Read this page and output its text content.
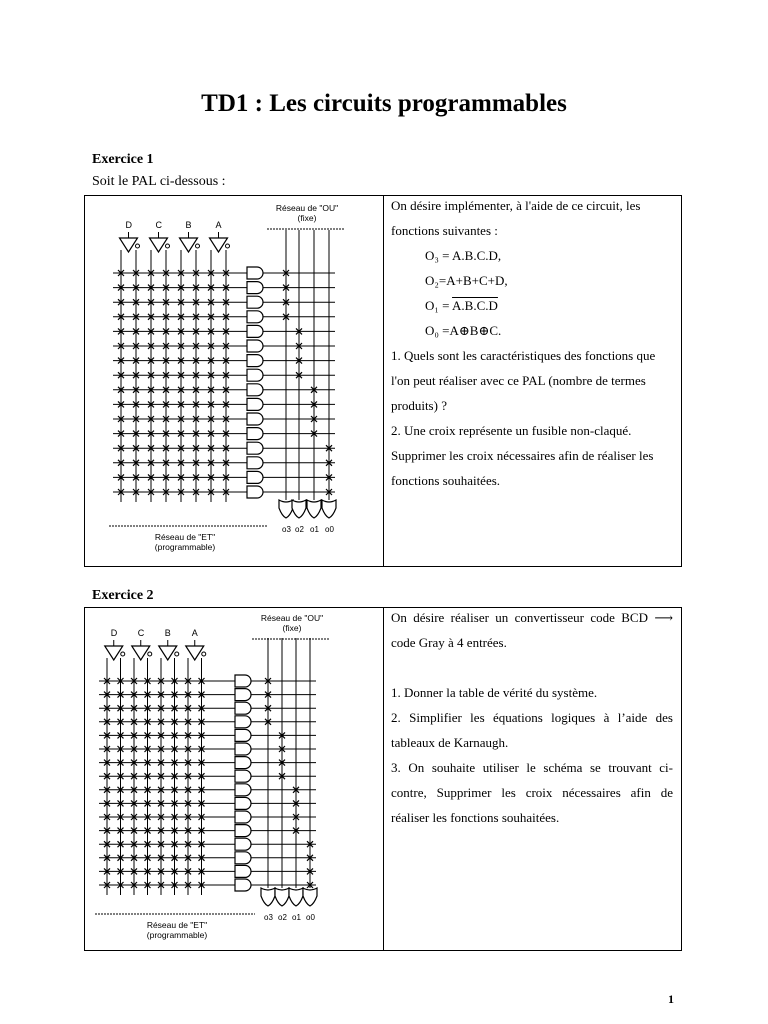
TD1 : Les circuits programmables
Exercice 1
Soit le PAL ci-dessous :
D	C	B	A
o3 o2 o1 o0
Réseau de "OU"
(fixe)
Réseau de "ET"
(programmable)

On désire implémenter, à l'aide de ce circuit, les fonctions suivantes :

O₃ = A.B.C.D,

O₂=A+B+C+D,

O₁ = A.B.C.D

O₀ =A⊕B⊕C.

1. Quels sont les caractéristiques des fonctions que l'on peut réaliser avec ce PAL (nombre de termes produits) ?

2. Une croix représente un fusible non-claqué. Supprimer les croix nécessaires afin de réaliser les fonctions souhaitées.

Exercice 2
D C B A
o3 o2 o1 o0
Réseau de "OU"
(fixe)
Réseau de "ET"
(programmable)

On désire réaliser un convertisseur code BCD ⟶ code Gray à 4 entrées.

1. Donner la table de vérité du système.

2. Simplifier les équations logiques à l’aide des tableaux de Karnaugh.

3. On souhaite utiliser le schéma se trouvant ci-contre, Supprimer les croix nécessaires afin de réaliser les fonctions souhaitées.

1
